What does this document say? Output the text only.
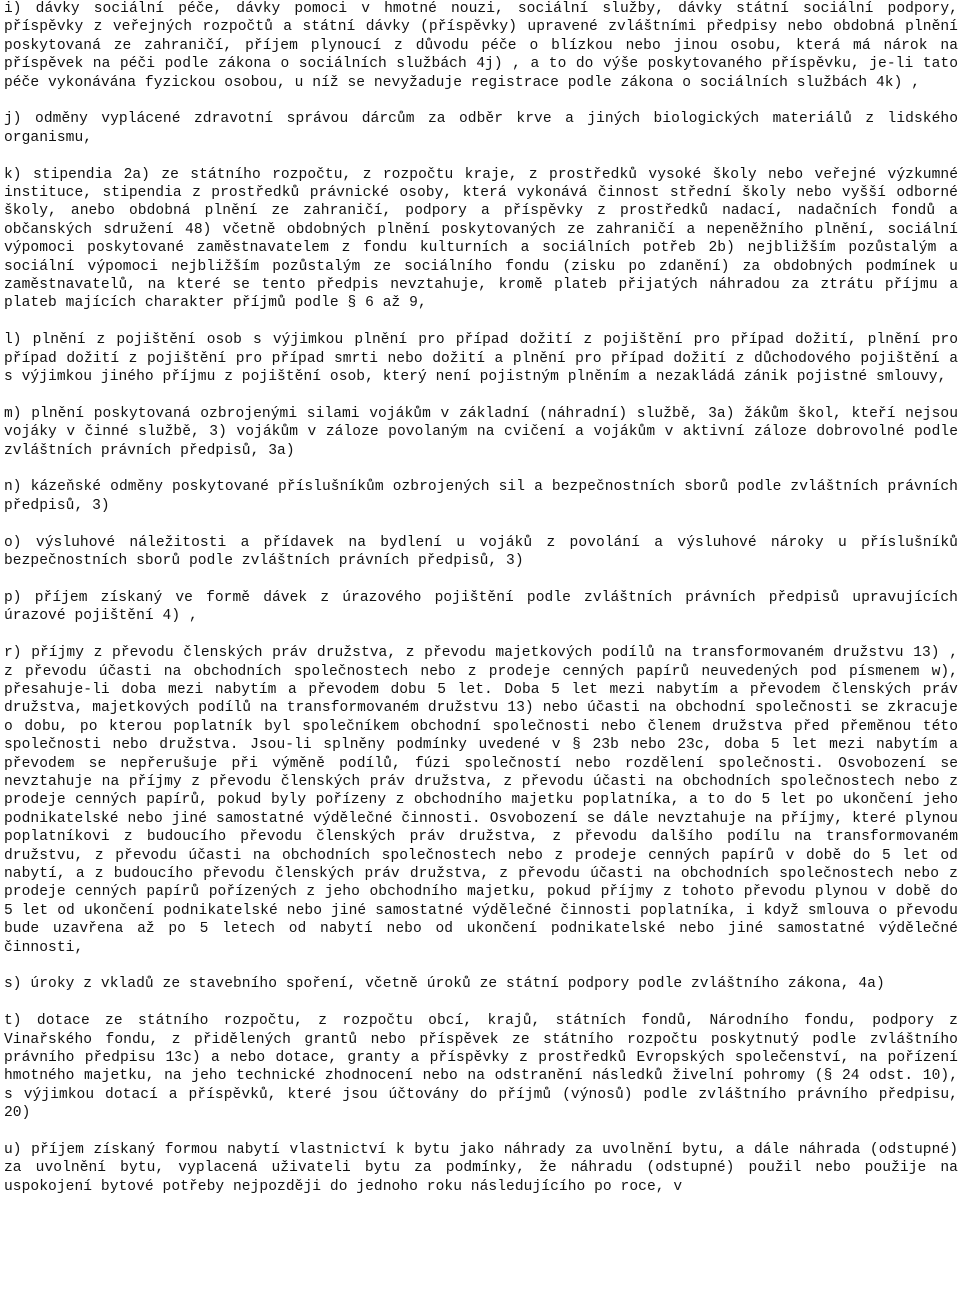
i) dávky sociální péče, dávky pomoci v hmotné nouzi, sociální služby, dávky státní sociální podpory, příspěvky z veřejných rozpočtů a státní dávky (příspěvky) upravené zvláštními předpisy nebo obdobná plnění poskytovaná ze zahraničí, příjem plynoucí z důvodu péče o blízkou nebo jinou osobu, která má nárok na příspěvek na péči podle zákona o sociálních službách 4j) , a to do výše poskytovaného příspěvku, je-li tato péče vykonávána fyzickou osobou, u níž se nevyžaduje registrace podle zákona o sociálních službách 4k) ,

j) odměny vyplácené zdravotní správou dárcům za odběr krve a jiných biologických materiálů z lidského organismu,

k) stipendia 2a) ze státního rozpočtu, z rozpočtu kraje, z prostředků vysoké školy nebo veřejné výzkumné instituce, stipendia z prostředků právnické osoby, která vykonává činnost střední školy nebo vyšší odborné školy, anebo obdobná plnění ze zahraničí, podpory a příspěvky z prostředků nadací, nadačních fondů a občanských sdružení 48) včetně obdobných plnění poskytovaných ze zahraničí a nepeněžního plnění, sociální výpomoci poskytované zaměstnavatelem z fondu kulturních a sociálních potřeb 2b) nejbližším pozůstalým a sociální výpomoci nejbližším pozůstalým ze sociálního fondu (zisku po zdanění) za obdobných podmínek u zaměstnavatelů, na které se tento předpis nevztahuje, kromě plateb přijatých náhradou za ztrátu příjmu a plateb majících charakter příjmů podle § 6 až 9,

l) plnění z pojištění osob s výjimkou plnění pro případ dožití z pojištění pro případ dožití, plnění pro případ dožití z pojištění pro případ smrti nebo dožití a plnění pro případ dožití z důchodového pojištění a s výjimkou jiného příjmu z pojištění osob, který není pojistným plněním a nezakládá zánik pojistné smlouvy,

m) plnění poskytovaná ozbrojenými silami vojákům v základní (náhradní) službě, 3a) žákům škol, kteří nejsou vojáky v činné službě, 3) vojákům v záloze povolaným na cvičení a vojákům v aktivní záloze dobrovolné podle zvláštních právních předpisů, 3a)

n) kázeňské odměny poskytované příslušníkům ozbrojených sil a bezpečnostních sborů podle zvláštních právních předpisů, 3)

o) výsluhové náležitosti a přídavek na bydlení u vojáků z povolání a výsluhové nároky u příslušníků bezpečnostních sborů podle zvláštních právních předpisů, 3)

p) příjem získaný ve formě dávek z úrazového pojištění podle zvláštních právních předpisů upravujících úrazové pojištění 4) ,

r) příjmy z převodu členských práv družstva, z převodu majetkových podílů na transformovaném družstvu 13) , z převodu účasti na obchodních společnostech nebo z prodeje cenných papírů neuvedených pod písmenem w), přesahuje-li doba mezi nabytím a převodem dobu 5 let. Doba 5 let mezi nabytím a převodem členských práv družstva, majetkových podílů na transformovaném družstvu 13) nebo účasti na obchodní společnosti se zkracuje o dobu, po kterou poplatník byl společníkem obchodní společnosti nebo členem družstva před přeměnou této společnosti nebo družstva. Jsou-li splněny podmínky uvedené v § 23b nebo 23c, doba 5 let mezi nabytím a převodem se nepřerušuje při výměně podílů, fúzi společností nebo rozdělení společnosti. Osvobození se nevztahuje na příjmy z převodu členských práv družstva, z převodu účasti na obchodních společnostech nebo z prodeje cenných papírů, pokud byly pořízeny z obchodního majetku poplatníka, a to do 5 let po ukončení jeho podnikatelské nebo jiné samostatné výdělečné činnosti. Osvobození se dále nevztahuje na příjmy, které plynou poplatníkovi z budoucího převodu členských práv družstva, z převodu dalšího podílu na transformovaném družstvu, z převodu účasti na obchodních společnostech nebo z prodeje cenných papírů v době do 5 let od nabytí, a z budoucího převodu členských práv družstva, z převodu účasti na obchodních společnostech nebo z prodeje cenných papírů pořízených z jeho obchodního majetku, pokud příjmy z tohoto převodu plynou v době do 5 let od ukončení podnikatelské nebo jiné samostatné výdělečné činnosti poplatníka, i když smlouva o převodu bude uzavřena až po 5 letech od nabytí nebo od ukončení podnikatelské nebo jiné samostatné výdělečné činnosti,

s) úroky z vkladů ze stavebního spoření, včetně úroků ze státní podpory podle zvláštního zákona, 4a)

t) dotace ze státního rozpočtu, z rozpočtu obcí, krajů, státních fondů, Národního fondu, podpory z Vinařského fondu, z přidělených grantů nebo příspěvek ze státního rozpočtu poskytnutý podle zvláštního právního předpisu 13c) a nebo dotace, granty a příspěvky z prostředků Evropských společenství, na pořízení hmotného majetku, na jeho technické zhodnocení nebo na odstranění následků živelní pohromy (§ 24 odst. 10), s výjimkou dotací a příspěvků, které jsou účtovány do příjmů (výnosů) podle zvláštního právního předpisu, 20)

u) příjem získaný formou nabytí vlastnictví k bytu jako náhrady za uvolnění bytu, a dále náhrada (odstupné) za uvolnění bytu, vyplacená uživateli bytu za podmínky, že náhradu (odstupné) použil nebo použije na uspokojení bytové potřeby nejpozději do jednoho roku následujícího po roce, v
